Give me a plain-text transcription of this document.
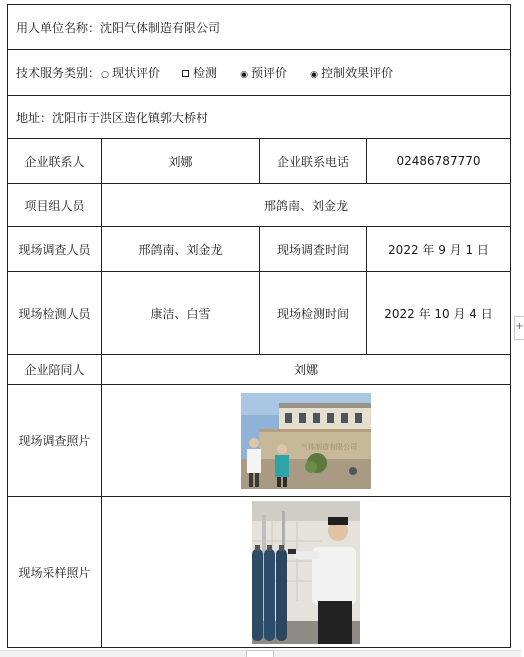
用人单位名称：沈阳气体制造有限公司			
技术服务类别：○ 现状评价 检测 ◉ 预评价 ◉ 控制效果评价			
地址：沈阳市于洪区造化镇郭大桥村			
企业联系人	刘娜	企业联系电话	02486787770
项目组人员	邢鸽南、刘金龙		
现场调查人员	邢鸽南、刘金龙	现场调查时间	2022 年 9 月 1 日
现场检测人员	康洁、白雪	现场检测时间	2022 年 10 月 4 日
企业陪同人	刘娜		
现场调查照片	气体制造有限公司		

现场采样照片	
+
